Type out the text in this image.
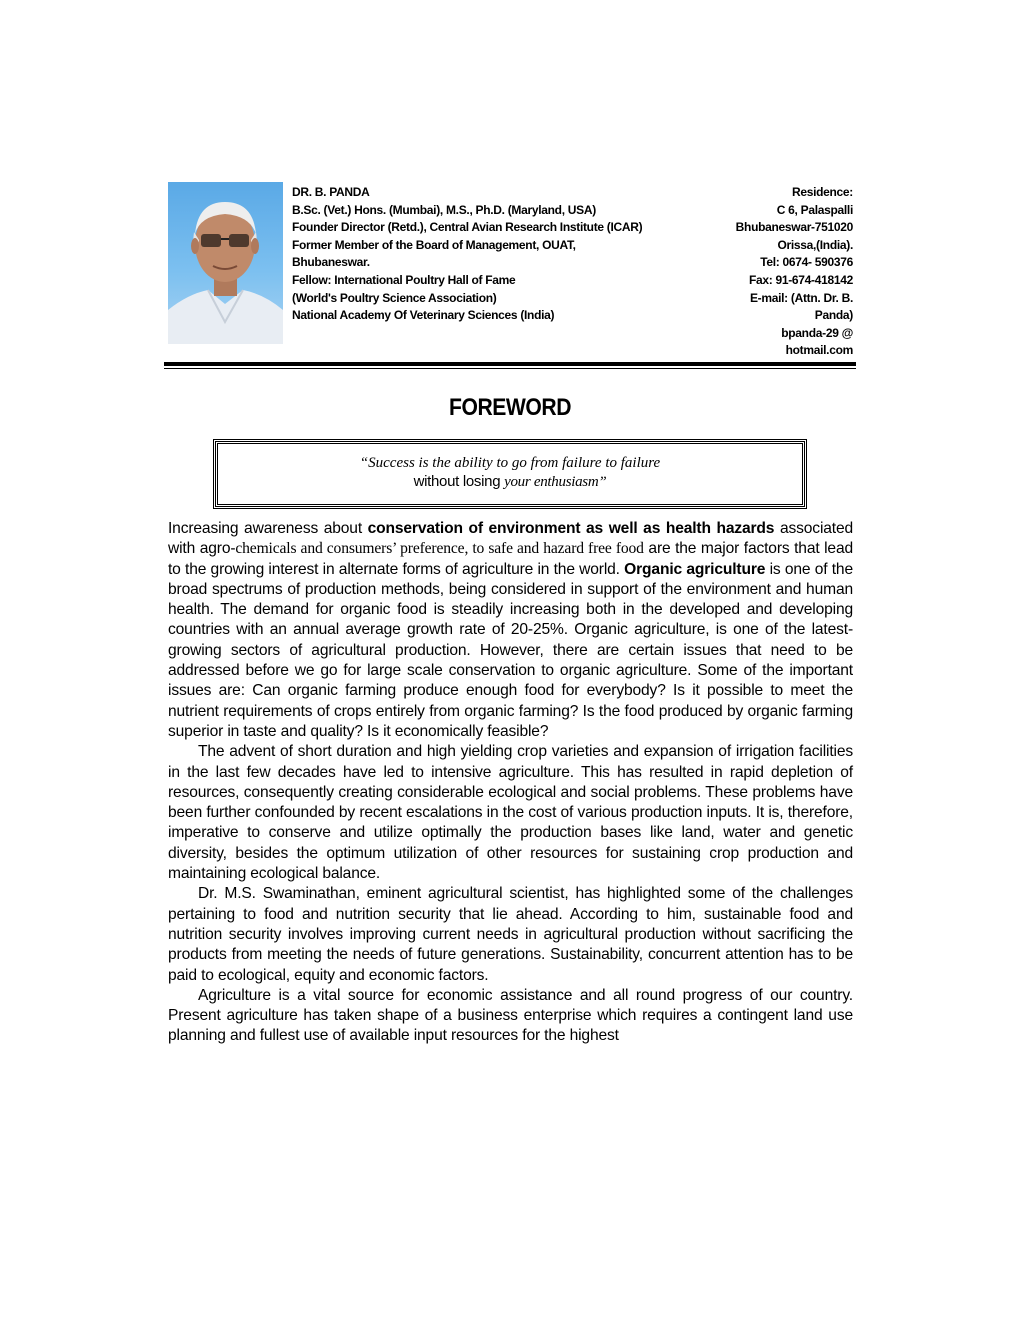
DR. B. PANDA
B.Sc. (Vet.) Hons. (Mumbai), M.S., Ph.D. (Maryland, USA)
Founder Director (Retd.), Central Avian Research Institute (ICAR)
Former Member of the Board of Management, OUAT,
Bhubaneswar.
Fellow: International Poultry Hall of Fame
(World's Poultry Science Association)
National Academy Of Veterinary Sciences (India)
Residence:
C 6, Palaspalli
Bhubaneswar-751020
Orissa,(India).
Tel: 0674- 590376
Fax: 91-674-418142
E-mail: (Attn. Dr. B.
Panda)
bpanda-29 @
hotmail.com
FOREWORD
“Success is the ability to go from failure to failure
without losing your enthusiasm”

Increasing awareness about conservation of environment as well as health hazards associated with agro-chemicals and consumers’ preference, to safe and hazard free food are the major factors that lead to the growing interest in alternate forms of agriculture in the world. Organic agriculture is one of the broad spectrums of production methods, being considered in support of the environment and human health. The demand for organic food is steadily increasing both in the developed and developing countries with an annual average growth rate of 20-25%. Organic agriculture, is one of the latest-growing sectors of agricultural production. However, there are certain issues that need to be addressed before we go for large scale conservation to organic agriculture. Some of the important issues are: Can organic farming produce enough food for everybody? Is it possible to meet the nutrient requirements of crops entirely from organic farming? Is the food produced by organic farming superior in taste and quality? Is it economically feasible?

The advent of short duration and high yielding crop varieties and expansion of irrigation facilities in the last few decades have led to intensive agriculture. This has resulted in rapid depletion of resources, consequently creating considerable ecological and social problems. These problems have been further confounded by recent escalations in the cost of various production inputs. It is, therefore, imperative to conserve and utilize optimally the production bases like land, water and genetic diversity, besides the optimum utilization of other resources for sustaining crop production and maintaining ecological balance.

Dr. M.S. Swaminathan, eminent agricultural scientist, has highlighted some of the challenges pertaining to food and nutrition security that lie ahead. According to him, sustainable food and nutrition security involves improving current needs in agricultural production without sacrificing the products from meeting the needs of future generations. Sustainability, concurrent attention has to be paid to ecological, equity and economic factors.

Agriculture is a vital source for economic assistance and all round progress of our country. Present agriculture has taken shape of a business enterprise which requires a contingent land use planning and fullest use of available input resources for the highest
